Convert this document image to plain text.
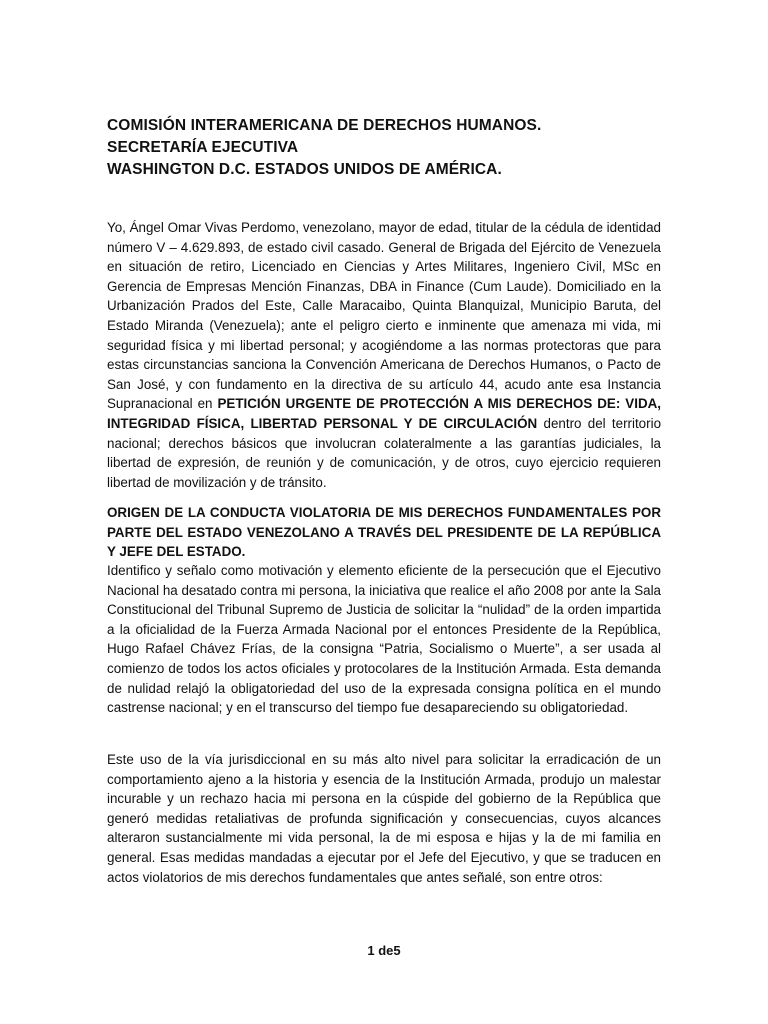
COMISIÓN INTERAMERICANA DE DERECHOS HUMANOS.
SECRETARÍA EJECUTIVA
WASHINGTON D.C. ESTADOS UNIDOS DE AMÉRICA.
Yo, Ángel Omar Vivas Perdomo, venezolano, mayor de edad, titular de la cédula de identidad número V – 4.629.893, de estado civil casado. General de Brigada del Ejército de Venezuela en situación de retiro, Licenciado en Ciencias y Artes Militares, Ingeniero Civil, MSc en Gerencia de Empresas Mención Finanzas, DBA in Finance (Cum Laude). Domiciliado en la Urbanización Prados del Este, Calle Maracaibo, Quinta Blanquizal, Municipio Baruta, del Estado Miranda (Venezuela); ante el peligro cierto e inminente que amenaza mi vida, mi seguridad física y mi libertad personal; y acogiéndome a las normas protectoras que para estas circunstancias sanciona la Convención Americana de Derechos Humanos, o Pacto de San José, y con fundamento en la directiva de su artículo 44, acudo ante esa Instancia Supranacional en PETICIÓN URGENTE DE PROTECCIÓN A MIS DERECHOS DE: VIDA, INTEGRIDAD FÍSICA, LIBERTAD PERSONAL Y DE CIRCULACIÓN dentro del territorio nacional; derechos básicos que involucran colateralmente a las garantías judiciales, la libertad de expresión, de reunión y de comunicación, y de otros, cuyo ejercicio requieren libertad de movilización y de tránsito.
ORIGEN DE LA CONDUCTA VIOLATORIA DE MIS DERECHOS FUNDAMENTALES POR PARTE DEL ESTADO VENEZOLANO A TRAVÉS DEL PRESIDENTE DE LA REPÚBLICA Y JEFE DEL ESTADO.
Identifico y señalo como motivación y elemento eficiente de la persecución que el Ejecutivo Nacional ha desatado contra mi persona, la iniciativa que realice el año 2008 por ante la Sala Constitucional del Tribunal Supremo de Justicia de solicitar la “nulidad” de la orden impartida a la oficialidad de la Fuerza Armada Nacional por el entonces Presidente de la República, Hugo Rafael Chávez Frías, de la consigna “Patria, Socialismo o Muerte”, a ser usada al comienzo de todos los actos oficiales y protocolares de la Institución Armada. Esta demanda de nulidad relajó la obligatoriedad del uso de la expresada consigna política en el mundo castrense nacional; y en el transcurso del tiempo fue desapareciendo su obligatoriedad.
Este uso de la vía jurisdiccional en su más alto nivel para solicitar la erradicación de un comportamiento ajeno a la historia y esencia de la Institución Armada, produjo un malestar incurable y un rechazo hacia mi persona en la cúspide del gobierno de la República que generó medidas retaliativas de profunda significación y consecuencias, cuyos alcances alteraron sustancialmente mi vida personal, la de mi esposa e hijas y la de mi familia en general. Esas medidas mandadas a ejecutar por el Jefe del Ejecutivo, y que se traducen en actos violatorios de mis derechos fundamentales que antes señalé, son entre otros:
1 de5
